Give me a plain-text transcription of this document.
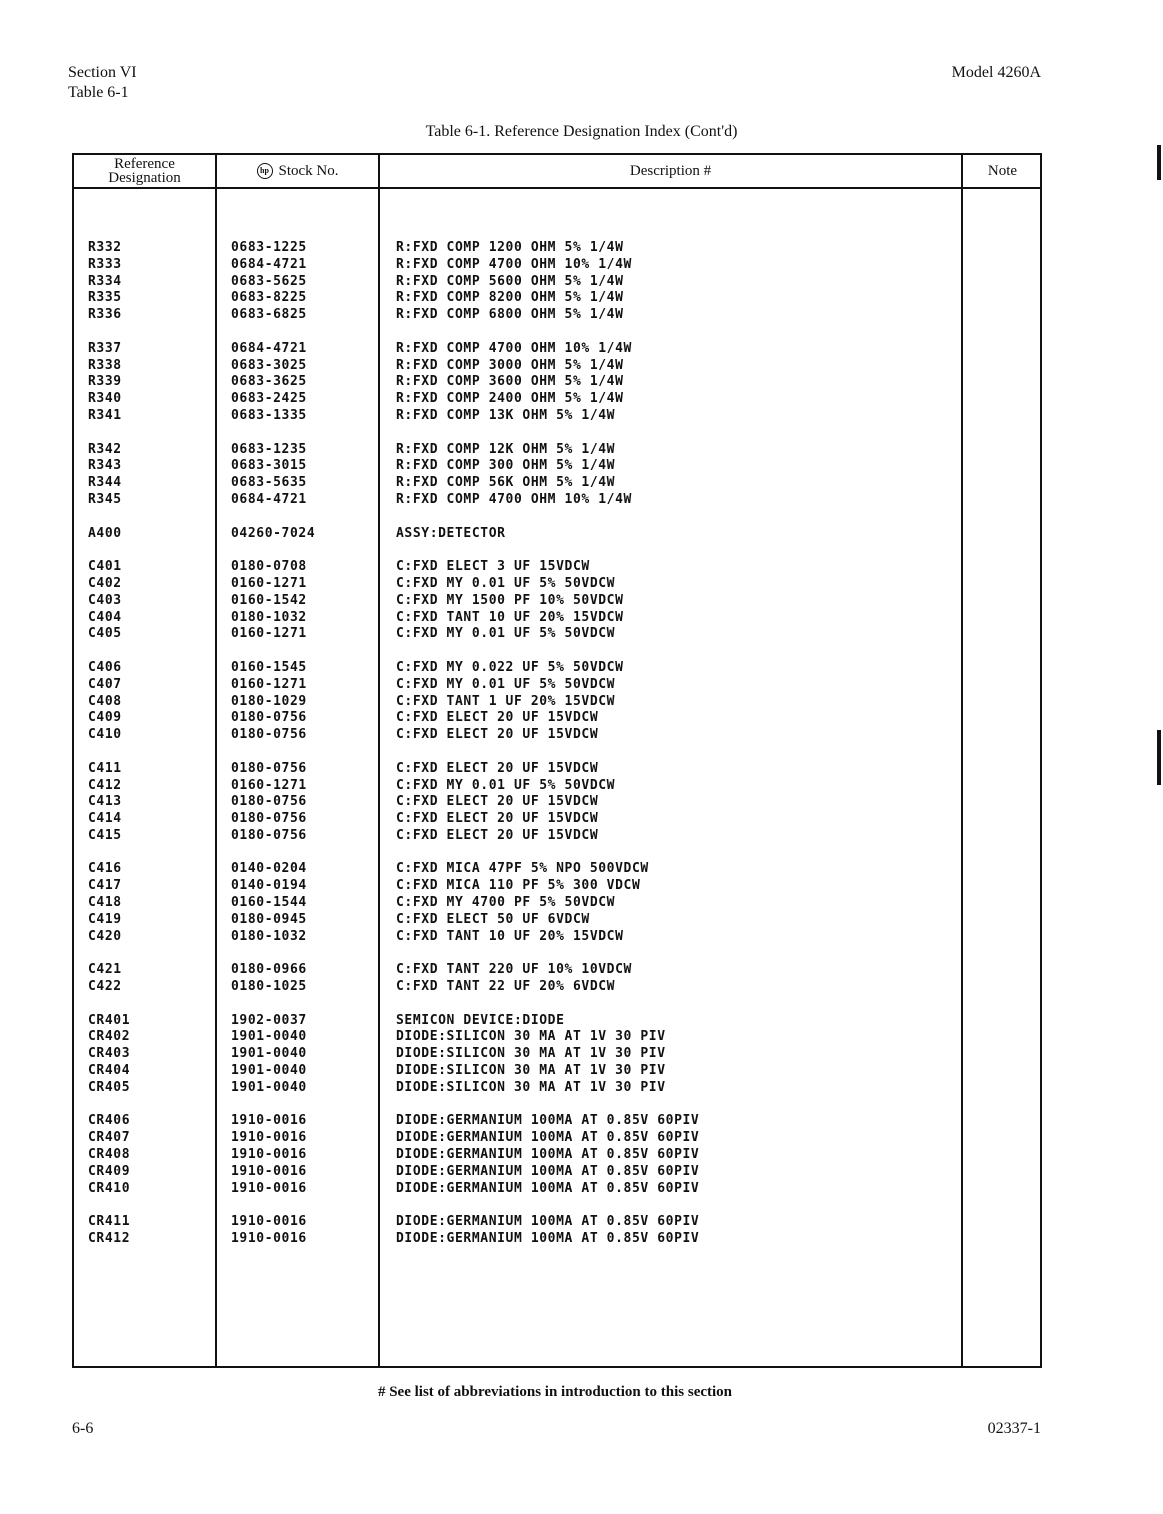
Section VI
Table 6-1
Model 4260A
Table 6-1. Reference Designation Index (Cont'd)
Reference
Designation	hp Stock No.	Description #	Note
R332	0683-1225	R:FXD COMP 1200 OHM 5% 1/4W
R333	0684-4721	R:FXD COMP 4700 OHM 10% 1/4W
R334	0683-5625	R:FXD COMP 5600 OHM 5% 1/4W
R335	0683-8225	R:FXD COMP 8200 OHM 5% 1/4W
R336	0683-6825	R:FXD COMP 6800 OHM 5% 1/4W
R337	0684-4721	R:FXD COMP 4700 OHM 10% 1/4W
R338	0683-3025	R:FXD COMP 3000 OHM 5% 1/4W
R339	0683-3625	R:FXD COMP 3600 OHM 5% 1/4W
R340	0683-2425	R:FXD COMP 2400 OHM 5% 1/4W
R341	0683-1335	R:FXD COMP 13K OHM 5% 1/4W
R342	0683-1235	R:FXD COMP 12K OHM 5% 1/4W
R343	0683-3015	R:FXD COMP 300 OHM 5% 1/4W
R344	0683-5635	R:FXD COMP 56K OHM 5% 1/4W
R345	0684-4721	R:FXD COMP 4700 OHM 10% 1/4W
A400	04260-7024	ASSY:DETECTOR
C401	0180-0708	C:FXD ELECT 3 UF 15VDCW
C402	0160-1271	C:FXD MY 0.01 UF 5% 50VDCW
C403	0160-1542	C:FXD MY 1500 PF 10% 50VDCW
C404	0180-1032	C:FXD TANT 10 UF 20% 15VDCW
C405	0160-1271	C:FXD MY 0.01 UF 5% 50VDCW
C406	0160-1545	C:FXD MY 0.022 UF 5% 50VDCW
C407	0160-1271	C:FXD MY 0.01 UF 5% 50VDCW
C408	0180-1029	C:FXD TANT 1 UF 20% 15VDCW
C409	0180-0756	C:FXD ELECT 20 UF 15VDCW
C410	0180-0756	C:FXD ELECT 20 UF 15VDCW
C411	0180-0756	C:FXD ELECT 20 UF 15VDCW
C412	0160-1271	C:FXD MY 0.01 UF 5% 50VDCW
C413	0180-0756	C:FXD ELECT 20 UF 15VDCW
C414	0180-0756	C:FXD ELECT 20 UF 15VDCW
C415	0180-0756	C:FXD ELECT 20 UF 15VDCW
C416	0140-0204	C:FXD MICA 47PF 5% NPO 500VDCW
C417	0140-0194	C:FXD MICA 110 PF 5% 300 VDCW
C418	0160-1544	C:FXD MY 4700 PF 5% 50VDCW
C419	0180-0945	C:FXD ELECT 50 UF 6VDCW
C420	0180-1032	C:FXD TANT 10 UF 20% 15VDCW
C421	0180-0966	C:FXD TANT 220 UF 10% 10VDCW
C422	0180-1025	C:FXD TANT 22 UF 20% 6VDCW
CR401	1902-0037	SEMICON DEVICE:DIODE
CR402	1901-0040	DIODE:SILICON 30 MA AT 1V 30 PIV
CR403	1901-0040	DIODE:SILICON 30 MA AT 1V 30 PIV
CR404	1901-0040	DIODE:SILICON 30 MA AT 1V 30 PIV
CR405	1901-0040	DIODE:SILICON 30 MA AT 1V 30 PIV
CR406	1910-0016	DIODE:GERMANIUM 100MA AT 0.85V 60PIV
CR407	1910-0016	DIODE:GERMANIUM 100MA AT 0.85V 60PIV
CR408	1910-0016	DIODE:GERMANIUM 100MA AT 0.85V 60PIV
CR409	1910-0016	DIODE:GERMANIUM 100MA AT 0.85V 60PIV
CR410	1910-0016	DIODE:GERMANIUM 100MA AT 0.85V 60PIV
CR411	1910-0016	DIODE:GERMANIUM 100MA AT 0.85V 60PIV
CR412	1910-0016	DIODE:GERMANIUM 100MA AT 0.85V 60PIV
# See list of abbreviations in introduction to this section
6-6	02337-1
